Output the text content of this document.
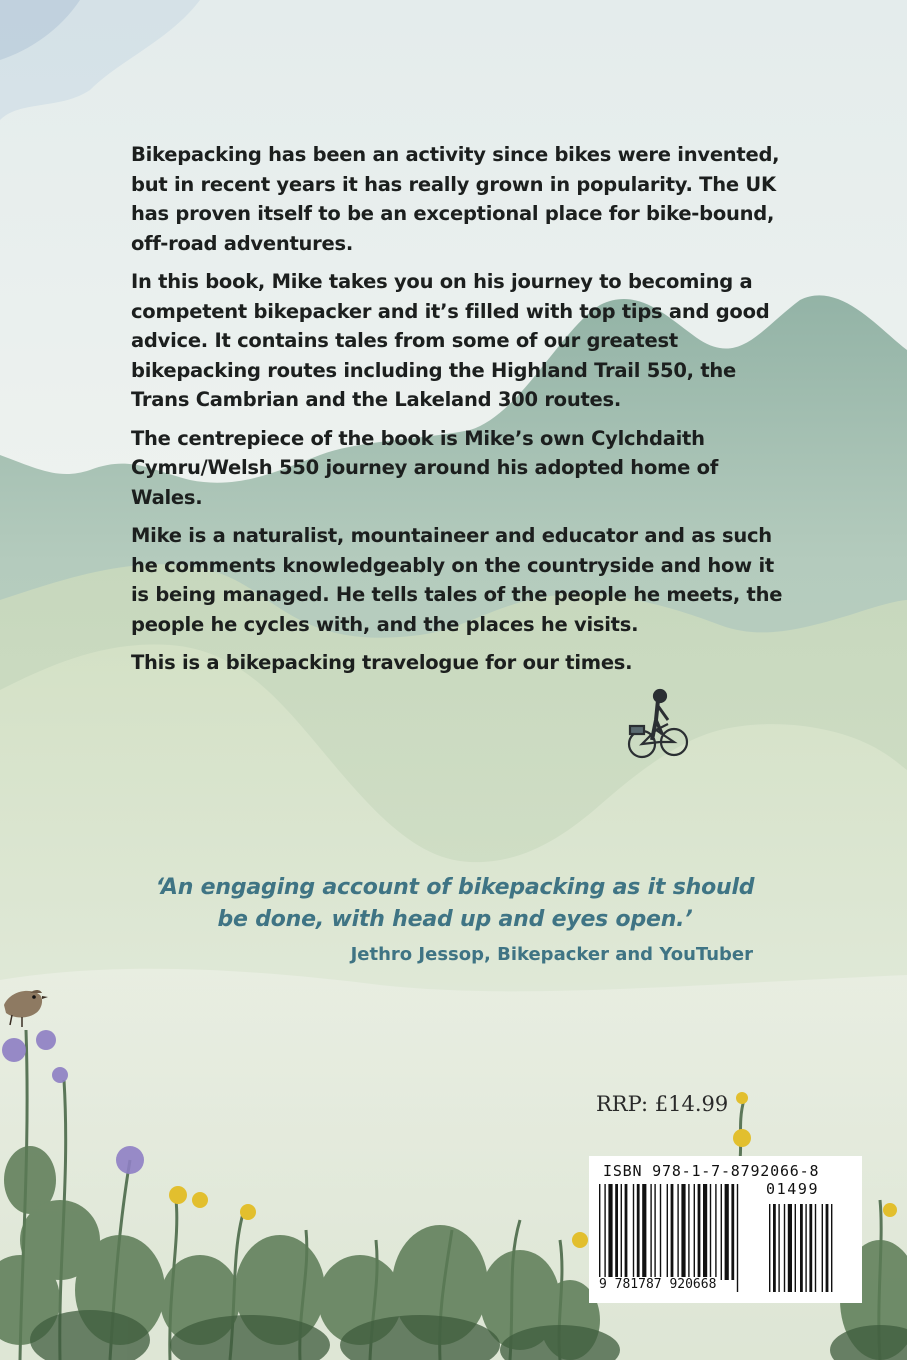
Bikepacking has been an activity since bikes were invented, but in recent years it has really grown in popularity. The UK has proven itself to be an exceptional place for bike-bound, off-road adventures.

In this book, Mike takes you on his journey to becoming a competent bikepacker and it’s filled with top tips and good advice. It contains tales from some of our greatest bikepacking routes including the Highland Trail 550, the Trans Cambrian and the Lakeland 300 routes.

The centrepiece of the book is Mike’s own Cylchdaith Cymru/Welsh 550 journey around his adopted home of Wales.

Mike is a naturalist, mountaineer and educator and as such he comments knowledgeably on the countryside and how it is being managed. He tells tales of the people he meets, the people he cycles with, and the places he visits.

This is a bikepacking travelogue for our times.

‘An engaging account of bikepacking as it should be done, with head up and eyes open.’
Jethro Jessop, Bikepacker and YouTuber
RRP: £14.99
ISBN 978-1-7-8792066-8
01499
9 781787 920668
